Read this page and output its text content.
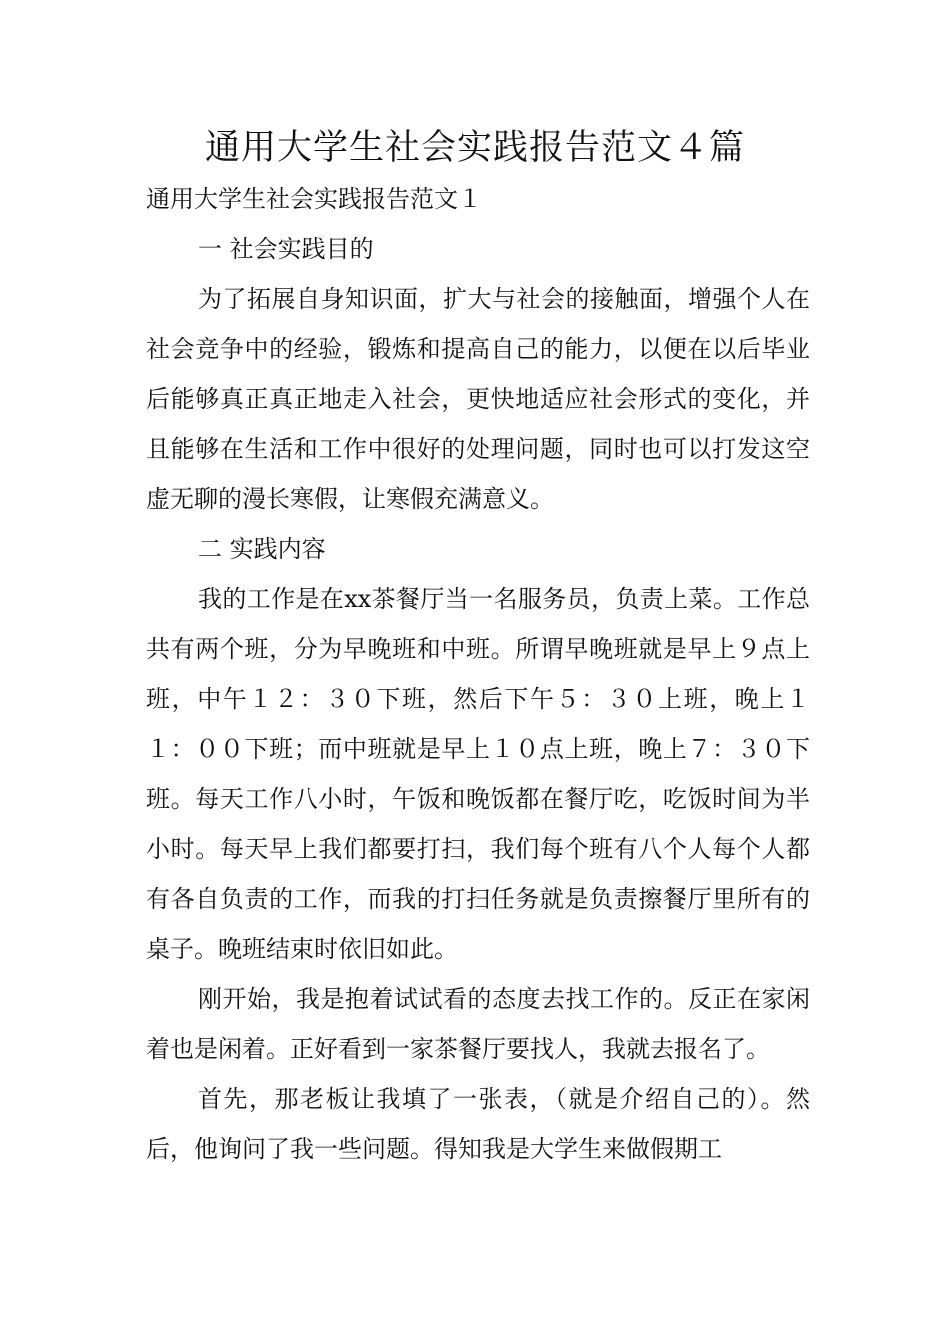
通用大学生社会实践报告范文４篇

通用大学生社会实践报告范文１

一 社会实践目的

为了拓展自身知识面，扩大与社会的接触面，增强个人在社会竞争中的经验，锻炼和提高自己的能力，以便在以后毕业后能够真正真正地走入社会，更快地适应社会形式的变化，并且能够在生活和工作中很好的处理问题，同时也可以打发这空虚无聊的漫长寒假，让寒假充满意义。

二 实践内容

我的工作是在xx茶餐厅当一名服务员，负责上菜。工作总共有两个班，分为早晚班和中班。所谓早晚班就是早上９点上班，中午１２：３０下班，然后下午５：３０上班，晚上１１：００下班；而中班就是早上１０点上班，晚上７：３０下班。每天工作八小时，午饭和晚饭都在餐厅吃，吃饭时间为半小时。每天早上我们都要打扫，我们每个班有八个人每个人都有各自负责的工作，而我的打扫任务就是负责擦餐厅里所有的桌子。晚班结束时依旧如此。

刚开始，我是抱着试试看的态度去找工作的。反正在家闲着也是闲着。正好看到一家茶餐厅要找人，我就去报名了。

首先，那老板让我填了一张表，（就是介绍自己的）。然后，他询问了我一些问题。得知我是大学生来做假期工
